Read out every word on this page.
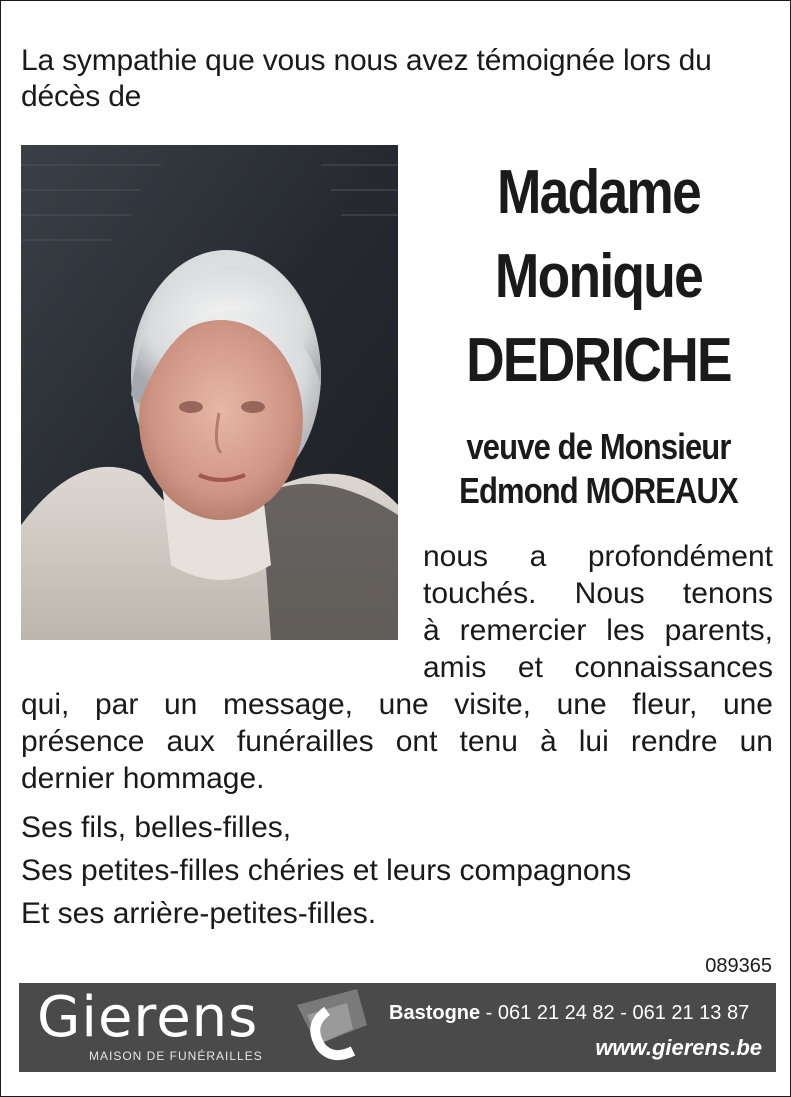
La sympathie que vous nous avez témoignée lors du décès de
Madame
Monique
DEDRICHE
veuve de Monsieur
Edmond MOREAUX
nous a profondément
touchés. Nous tenons
à remercier les parents,
amis et connaissances
qui, par un message, une visite, une fleur, une
présence aux funérailles ont tenu à lui rendre un
dernier hommage.
Ses fils, belles-filles,
Ses petites-filles chéries et leurs compagnons
Et ses arrière-petites-filles.
089365
Gierens
MAISON DE FUNÉRAILLES
Bastogne - 061 21 24 82 - 061 21 13 87
www.gierens.be
